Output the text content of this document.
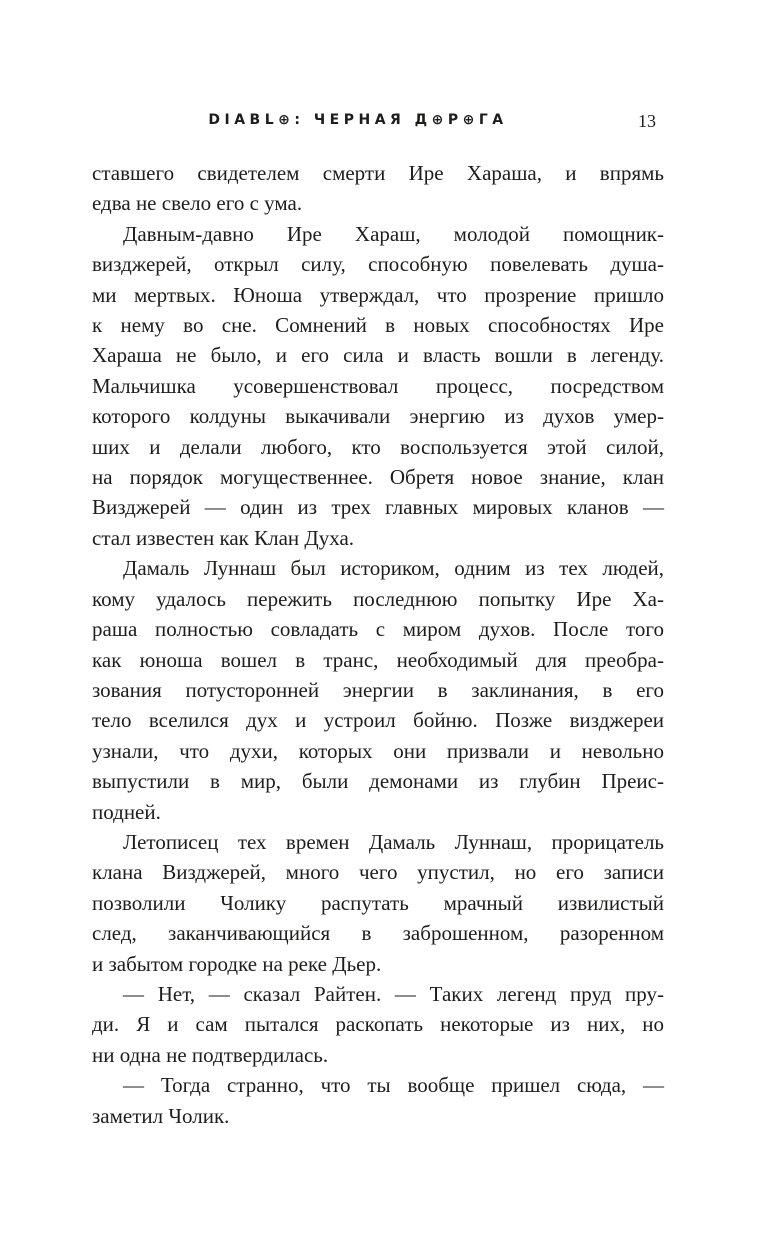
DIABL⊕: ЧЕРНАЯ Д⊕Р⊕ГА	13
ставшего свидетелем смерти Ире Хараша, и впрямь
едва не свело его с ума.
Давным-давно Ире Хараш, молодой помощник-
визджерей, открыл силу, способную повелевать душа-
ми мертвых. Юноша утверждал, что прозрение пришло
к нему во сне. Сомнений в новых способностях Ире
Хараша не было, и его сила и власть вошли в легенду.
Мальчишка усовершенствовал процесс, посредством
которого колдуны выкачивали энергию из духов умер-
ших и делали любого, кто воспользуется этой силой,
на порядок могущественнее. Обретя новое знание, клан
Визджерей — один из трех главных мировых кланов —
стал известен как Клан Духа.
Дамаль Луннаш был историком, одним из тех людей,
кому удалось пережить последнюю попытку Ире Ха-
раша полностью совладать с миром духов. После того
как юноша вошел в транс, необходимый для преобра-
зования потусторонней энергии в заклинания, в его
тело вселился дух и устроил бойню. Позже визджереи
узнали, что духи, которых они призвали и невольно
выпустили в мир, были демонами из глубин Преис-
подней.
Летописец тех времен Дамаль Луннаш, прорицатель
клана Визджерей, много чего упустил, но его записи
позволили Чолику распутать мрачный извилистый
след, заканчивающийся в заброшенном, разоренном
и забытом городке на реке Дьер.
— Нет, — сказал Райтен. — Таких легенд пруд пру-
ди. Я и сам пытался раскопать некоторые из них, но
ни одна не подтвердилась.
— Тогда странно, что ты вообще пришел сюда, —
заметил Чолик.
